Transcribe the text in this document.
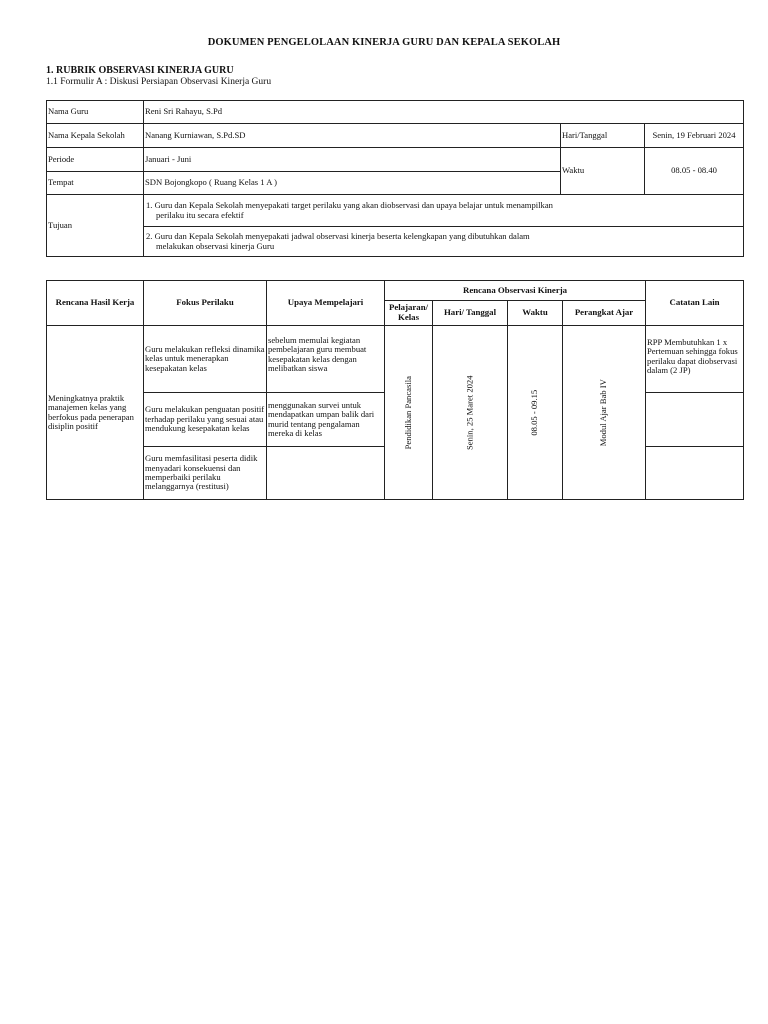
DOKUMEN PENGELOLAAN KINERJA GURU DAN KEPALA SEKOLAH
1. RUBRIK OBSERVASI KINERJA GURU
1.1 Formulir A : Diskusi Persiapan Observasi Kinerja Guru
Nama Guru	Reni Sri Rahayu, S.Pd		
Nama Kepala Sekolah	Nanang Kurniawan, S.Pd.SD	Hari/Tanggal	Senin, 19 Februari 2024
Periode	Januari - Juni	Waktu	08.05 - 08.40
Tempat	SDN Bojongkopo ( Ruang Kelas 1 A )		
Tujuan	1. Guru dan Kepala Sekolah menyepakati target perilaku yang akan diobservasi dan upaya belajar untuk menampilkan
perilaku itu secara efektif		

	2. Guru dan Kepala Sekolah menyepakati jadwal observasi kinerja beserta kelengkapan yang dibutuhkan dalam
melakukan observasi kinerja Guru		
Rencana Hasil Kerja	Fokus Perilaku	Upaya Mempelajari	Rencana Observasi Kinerja				Catatan Lain
			Pelajaran/ Kelas	Hari/ Tanggal	Waktu	Perangkat Ajar	
Meningkatnya praktik manajemen kelas yang berfokus pada penerapan disiplin positif	Guru melakukan refleksi dinamika kelas untuk menerapkan kesepakatan kelas	sebelum memulai kegiatan pembelajaran guru membuat kesepakatan kelas dengan melibatkan siswa	Pendidikan Pancasila	Senin, 25 Maret 2024	08.05 - 09.15	Modul Ajar Bab IV	RPP Membutuhkan 1 x Pertemuan sehingga fokus perilaku dapat diobservasi dalam (2 JP)
	Guru melakukan penguatan positif terhadap perilaku yang sesuai atau mendukung kesepakatan kelas	menggunakan survei untuk mendapatkan umpan balik dari murid tentang pengalaman mereka di kelas					
	Guru memfasilitasi peserta didik menyadari konsekuensi dan memperbaiki perilaku melanggarnya (restitusi)						
